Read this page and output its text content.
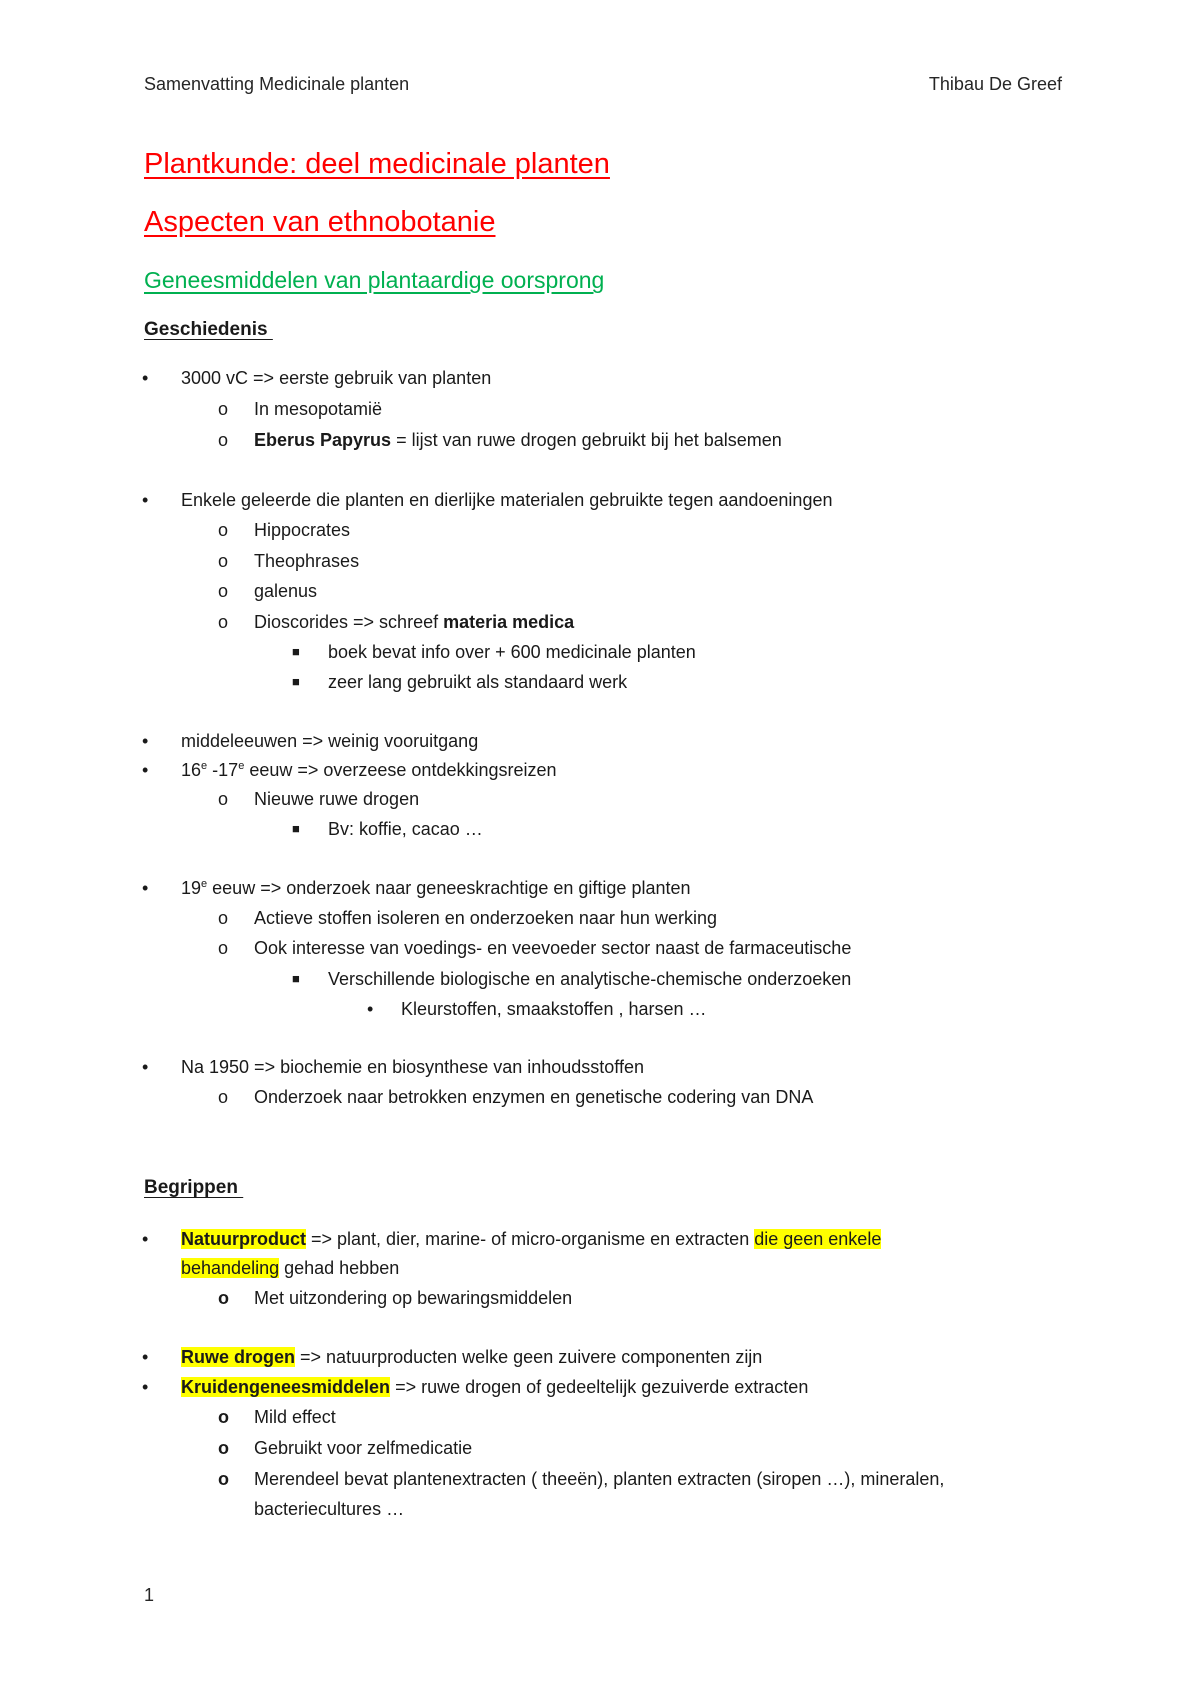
Samenvatting Medicinale planten	Thibau De Greef
Plantkunde: deel medicinale planten
Aspecten van ethnobotanie
Geneesmiddelen van plantaardige oorsprong
Geschiedenis
• 3000 vC => eerste gebruik van planten
o In mesopotamië
o Eberus Papyrus = lijst van ruwe drogen gebruikt bij het balsemen
• Enkele geleerde die planten en dierlijke materialen gebruikte tegen aandoeningen
o Hippocrates
o Theophrases
o galenus
o Dioscorides => schreef materia medica
■ boek bevat info over + 600 medicinale planten
■ zeer lang gebruikt als standaard werk
• middeleeuwen => weinig vooruitgang
• 16e -17e eeuw => overzeese ontdekkingsreizen
o Nieuwe ruwe drogen
■ Bv: koffie, cacao …
• 19e eeuw => onderzoek naar geneeskrachtige en giftige planten
o Actieve stoffen isoleren en onderzoeken naar hun werking
o Ook interesse van voedings- en veevoeder sector naast de farmaceutische
■ Verschillende biologische en analytische-chemische onderzoeken
• Kleurstoffen, smaakstoffen , harsen …
• Na 1950 => biochemie en biosynthese van inhoudsstoffen
o Onderzoek naar betrokken enzymen en genetische codering van DNA
Begrippen
• Natuurproduct => plant, dier, marine- of micro-organisme en extracten die geen enkele
behandeling gehad hebben
o Met uitzondering op bewaringsmiddelen
• Ruwe drogen => natuurproducten welke geen zuivere componenten zijn
• Kruidengeneesmiddelen => ruwe drogen of gedeeltelijk gezuiverde extracten
o Mild effect
o Gebruikt voor zelfmedicatie
o Merendeel bevat plantenextracten ( theeën), planten extracten (siropen …), mineralen,
bacteriecultures …
1
